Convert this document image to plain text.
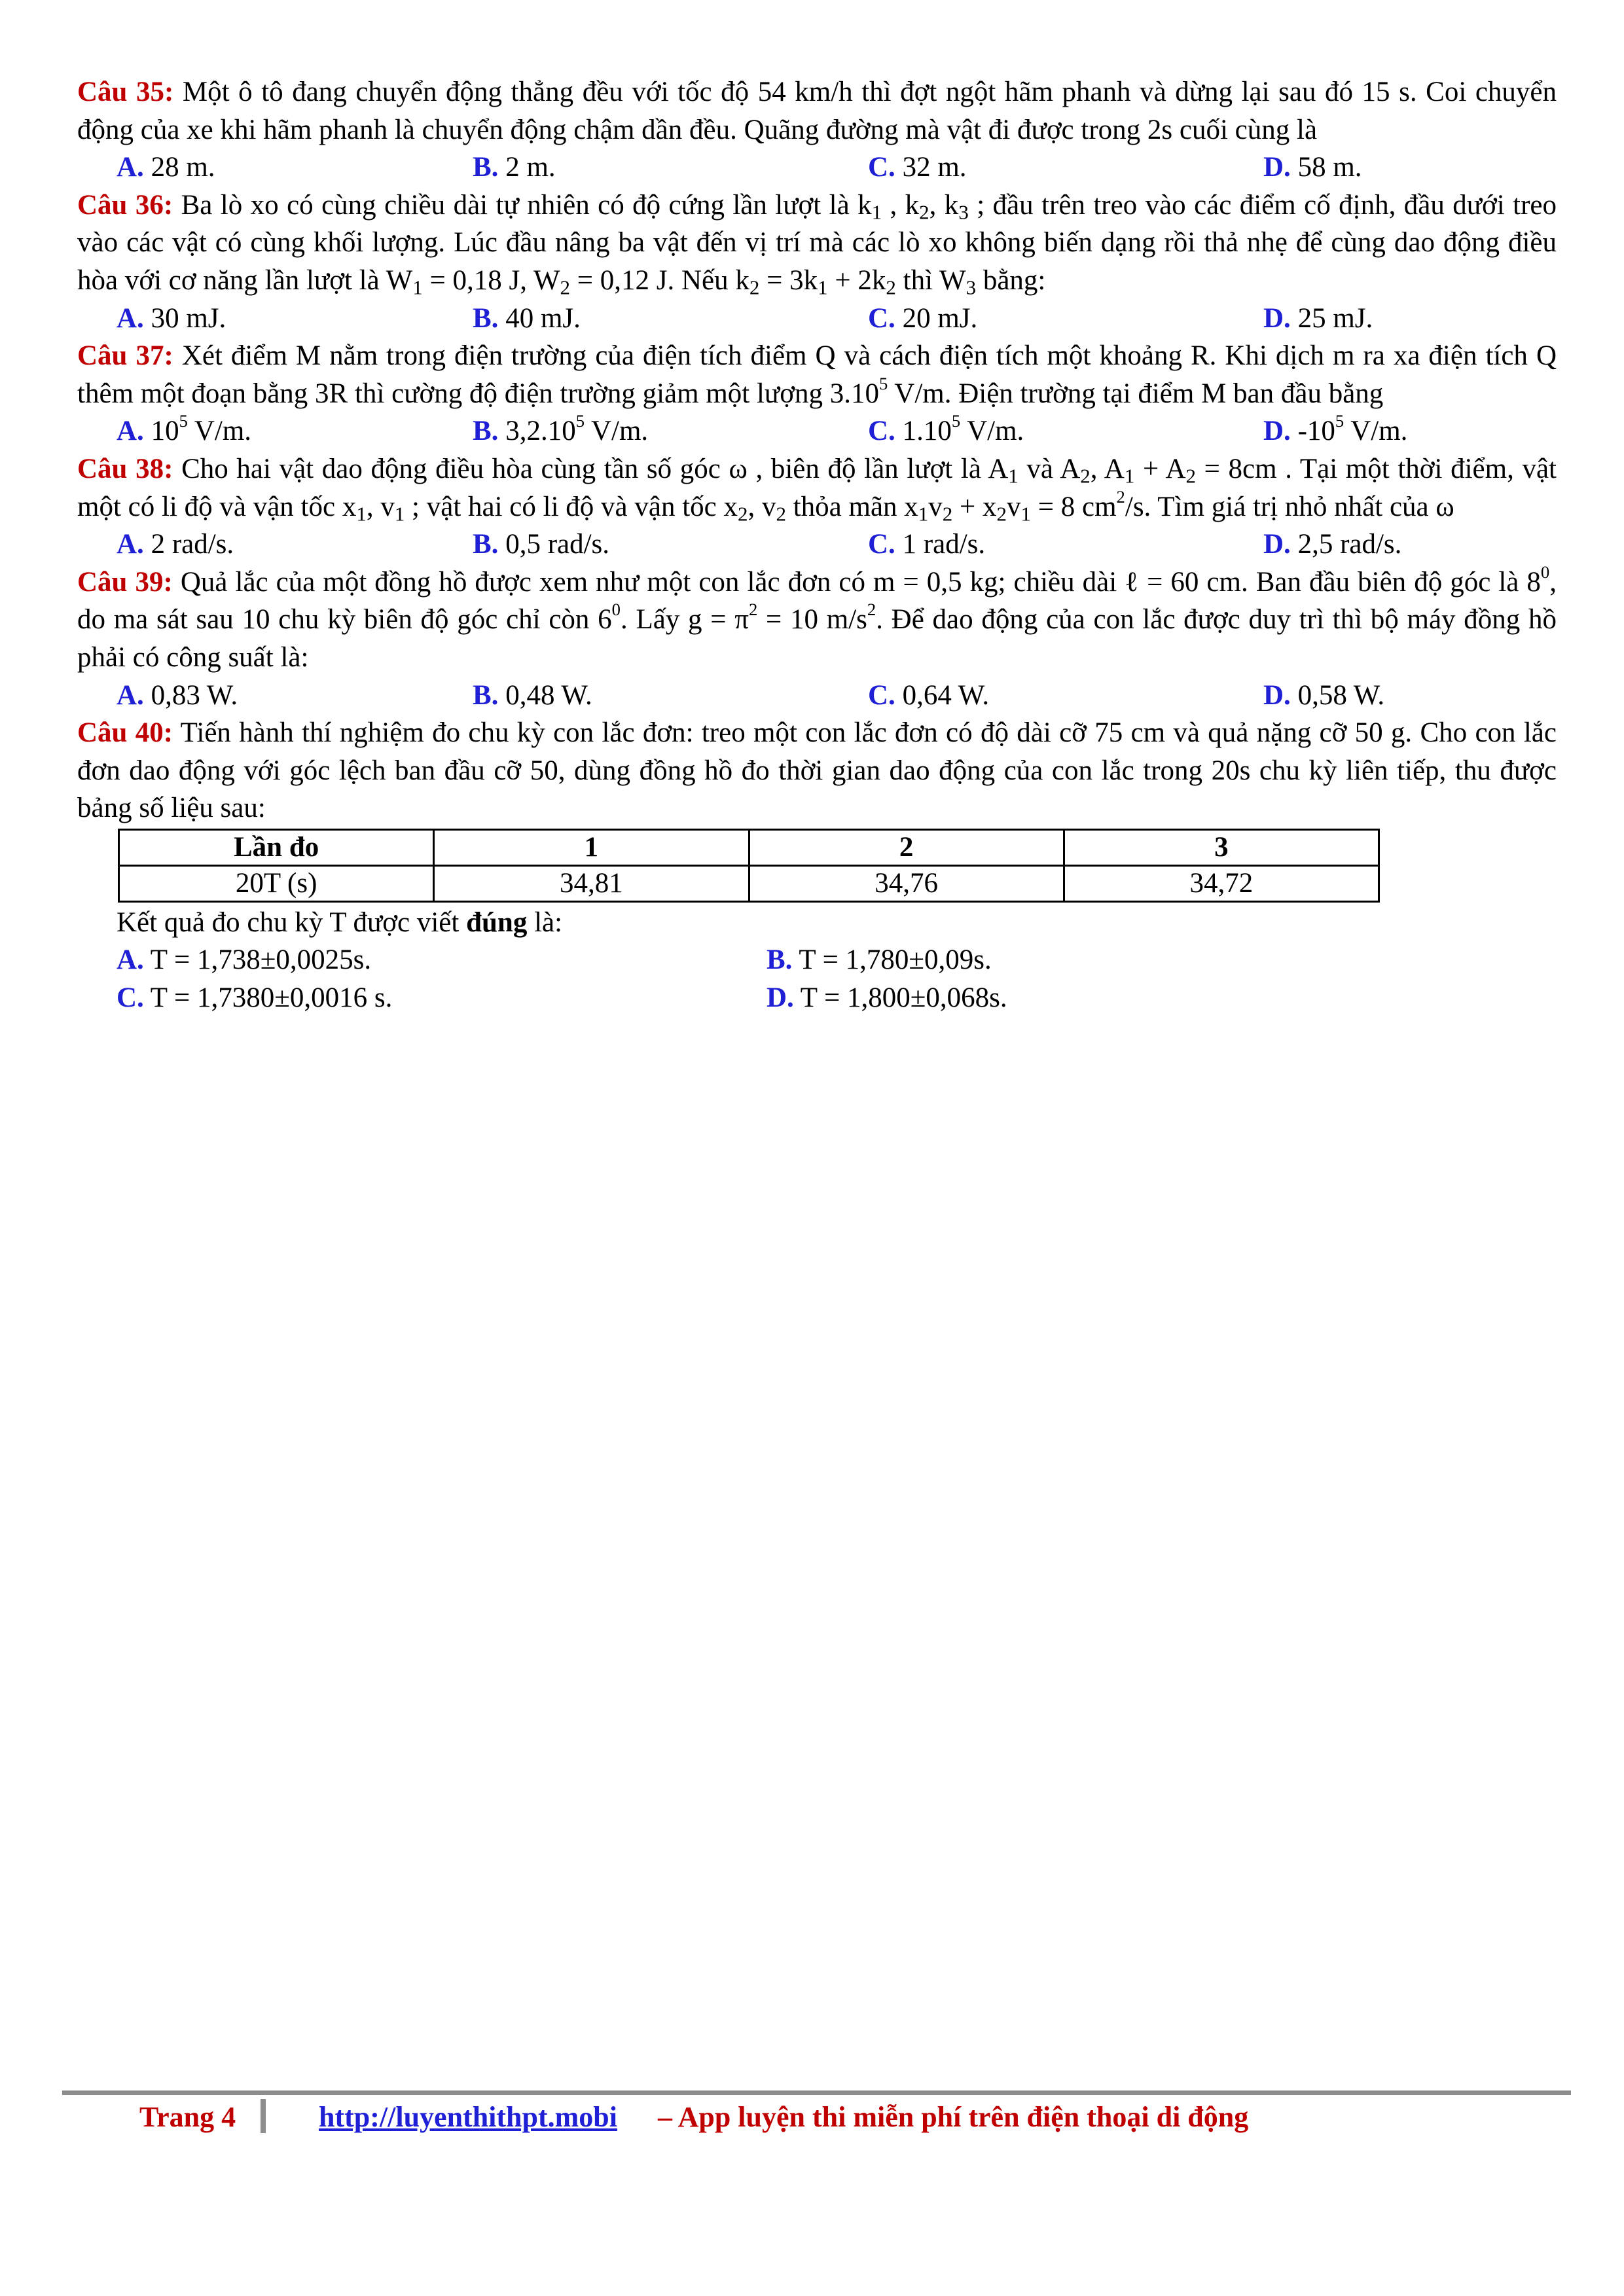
Câu 35: Một ô tô đang chuyển động thẳng đều với tốc độ 54 km/h thì đợt ngột hãm phanh và dừng lại sau đó 15 s. Coi chuyển động của xe khi hãm phanh là chuyển động chậm dần đều. Quãng đường mà vật đi được trong 2s cuối cùng là
A. 28 m.	B. 2 m.	C. 32 m.	D. 58 m.
Câu 36: Ba lò xo có cùng chiều dài tự nhiên có độ cứng lần lượt là $k_1$ , $k_2$, $k_3$ ; đầu trên treo vào các điểm cố định, đầu dưới treo vào các vật có cùng khối lượng. Lúc đầu nâng ba vật đến vị trí mà các lò xo không biến dạng rồi thả nhẹ để cùng dao động điều hòa với cơ năng lần lượt là $W_1 = 0,18$ J, $W_2 = 0,12$ J. Nếu $k_2 = 3k_1 + 2k_2$ thì $W_3$ bằng:
A. 30 mJ.	B. 40 mJ.	C. 20 mJ.	D. 25 mJ.
Câu 37: Xét điểm M nằm trong điện trường của điện tích điểm Q và cách điện tích một khoảng R. Khi dịch m ra xa điện tích Q thêm một đoạn bằng 3R thì cường độ điện trường giảm một lượng 3.10$^5$ V/m. Điện trường tại điểm M ban đầu bằng
A. $10^5$ V/m.	B. 3,2.10$^5$ V/m.	C. 1.10$^5$ V/m.	D. $-10^5$ V/m.
Câu 38: Cho hai vật dao động điều hòa cùng tần số góc ω , biên độ lần lượt là $A_1$ và $A_2$, $A_1 + A_2 = 8cm$ . Tại một thời điểm, vật một có li độ và vận tốc $x_1$, $v_1$ ; vật hai có li độ và vận tốc $x_2$, $v_2$ thỏa mãn $x_1v_2 + x_2v_1 = 8$ $cm^2/s$. Tìm giá trị nhỏ nhất của ω
A. 2 rad/s.	B. 0,5 rad/s.	C. 1 rad/s.	D. 2,5 rad/s.
Câu 39: Quả lắc của một đồng hồ được xem như một con lắc đơn có m = 0,5 kg; chiều dài ℓ = 60 cm. Ban đầu biên độ góc là $8^0$, do ma sát sau 10 chu kỳ biên độ góc chỉ còn $6^0$. Lấy $g = \pi^2 = 10$ $m/s^2$. Để dao động của con lắc được duy trì thì bộ máy đồng hồ phải có công suất là:
A. 0,83 W.	B. 0,48 W.	C. 0,64 W.	D. 0,58 W.
Câu 40: Tiến hành thí nghiệm đo chu kỳ con lắc đơn: treo một con lắc đơn có độ dài cỡ 75 cm và quả nặng cỡ 50 g. Cho con lắc đơn dao động với góc lệch ban đầu cỡ 50, dùng đồng hồ đo thời gian dao động của con lắc trong 20s chu kỳ liên tiếp, thu được bảng số liệu sau:
Lần đo	1	2	3
20T (s)	34,81	34,76	34,72
Kết quả đo chu kỳ T được viết đúng là:
A. T = 1,738±0,0025s.	B. T = 1,780±0,09s.
C. T = 1,7380±0,0016 s.	D. T = 1,800±0,068s.
Trang 4	http://luyenthithpt.mobi – App luyện thi miễn phí trên điện thoại di động
